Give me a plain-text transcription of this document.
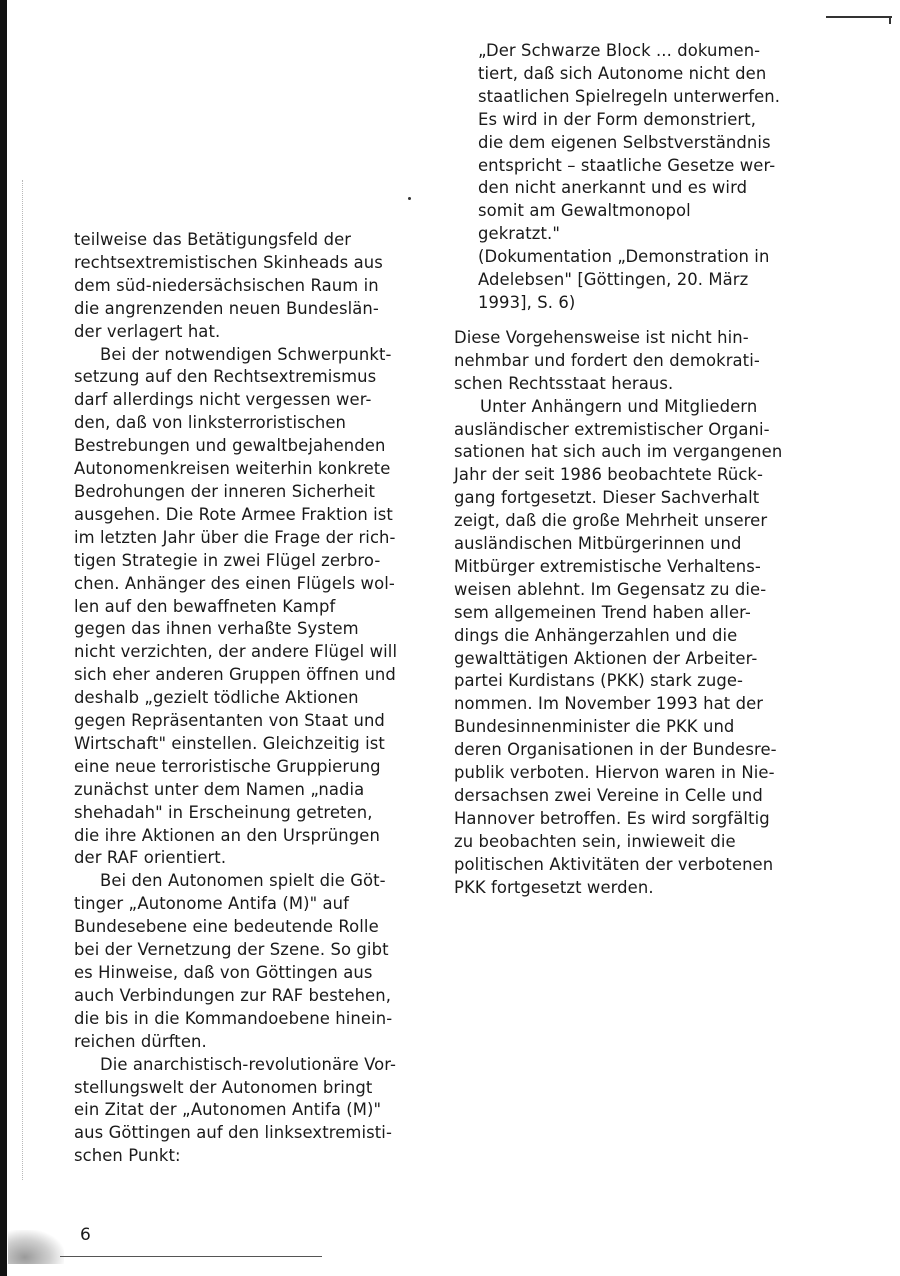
teilweise das Betätigungsfeld der
rechtsextremistischen Skinheads aus
dem süd-niedersächsischen Raum in
die angrenzenden neuen Bundeslän-
der verlagert hat.
Bei der notwendigen Schwerpunkt-
setzung auf den Rechtsextremismus
darf allerdings nicht vergessen wer-
den, daß von linksterroristischen
Bestrebungen und gewaltbejahenden
Autonomenkreisen weiterhin konkrete
Bedrohungen der inneren Sicherheit
ausgehen. Die Rote Armee Fraktion ist
im letzten Jahr über die Frage der rich-
tigen Strategie in zwei Flügel zerbro-
chen. Anhänger des einen Flügels wol-
len auf den bewaffneten Kampf
gegen das ihnen verhaßte System
nicht verzichten, der andere Flügel will
sich eher anderen Gruppen öffnen und
deshalb „gezielt tödliche Aktionen
gegen Repräsentanten von Staat und
Wirtschaft" einstellen. Gleichzeitig ist
eine neue terroristische Gruppierung
zunächst unter dem Namen „nadia
shehadah" in Erscheinung getreten,
die ihre Aktionen an den Ursprüngen
der RAF orientiert.
Bei den Autonomen spielt die Göt-
tinger „Autonome Antifa (M)" auf
Bundesebene eine bedeutende Rolle
bei der Vernetzung der Szene. So gibt
es Hinweise, daß von Göttingen aus
auch Verbindungen zur RAF bestehen,
die bis in die Kommandoebene hinein-
reichen dürften.
Die anarchistisch-revolutionäre Vor-
stellungswelt der Autonomen bringt
ein Zitat der „Autonomen Antifa (M)"
aus Göttingen auf den linksextremisti-
schen Punkt:
„Der Schwarze Block ... dokumen-
tiert, daß sich Autonome nicht den
staatlichen Spielregeln unterwerfen.
Es wird in der Form demonstriert,
die dem eigenen Selbstverständnis
entspricht – staatliche Gesetze wer-
den nicht anerkannt und es wird
somit am Gewaltmonopol
gekratzt."
(Dokumentation „Demonstration in
Adelebsen" [Göttingen, 20. März
1993], S. 6)
Diese Vorgehensweise ist nicht hin-
nehmbar und fordert den demokrati-
schen Rechtsstaat heraus.
Unter Anhängern und Mitgliedern
ausländischer extremistischer Organi-
sationen hat sich auch im vergangenen
Jahr der seit 1986 beobachtete Rück-
gang fortgesetzt. Dieser Sachverhalt
zeigt, daß die große Mehrheit unserer
ausländischen Mitbürgerinnen und
Mitbürger extremistische Verhaltens-
weisen ablehnt. Im Gegensatz zu die-
sem allgemeinen Trend haben aller-
dings die Anhängerzahlen und die
gewalttätigen Aktionen der Arbeiter-
partei Kurdistans (PKK) stark zuge-
nommen. Im November 1993 hat der
Bundesinnenminister die PKK und
deren Organisationen in der Bundesre-
publik verboten. Hiervon waren in Nie-
dersachsen zwei Vereine in Celle und
Hannover betroffen. Es wird sorgfältig
zu beobachten sein, inwieweit die
politischen Aktivitäten der verbotenen
PKK fortgesetzt werden.
6
